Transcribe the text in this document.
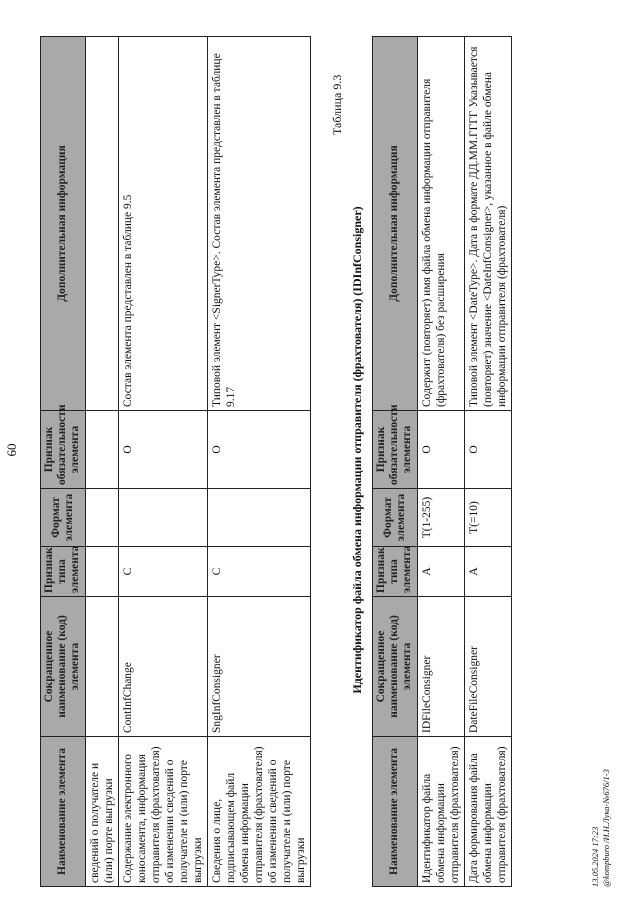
60
Наименование элемента	Сокращенное наименование (код) элемента	Признак типа элемента	Формат элемента	Признак обязательности элемента	Дополнительная информация
сведений о получателе и (или) порте выгрузки					
Содержание электронного коносамента, информация отправителя (фрахтователя) об изменении сведений о получателе и (или) порте выгрузки	ContInfChange	С		О	Состав элемента представлен в таблице 9.5
Сведения о лице, подписывающем файл обмена информации отправителя (фрахтователя) об изменении сведений о получателе и (или) порте выгрузки	SngInfConsigner	С		О	Типовой элемент <SignerType>. Состав элемента представлен в таблице 9.17
Таблица 9.3
Идентификатор файла обмена информации отправителя (фрахтователя) (IDInfConsigner)
Наименование элемента	Сокращенное наименование (код) элемента	Признак типа элемента	Формат элемента	Признак обязательности элемента	Дополнительная информация
Идентификатор файла обмена информации отправителя (фрахтователя)	IDFileConsigner	А	Т(1-255)	О	Содержит (повторяет) имя файла обмена информации отправителя (фрахтователя) без расширения
Дата формирования файла обмена информации отправителя (фрахтователя)	DateFileConsigner	А	Т(=10)	О	Типовой элемент <DateType>. Дата в формате ДД.ММ.ГГГГ Указывается (повторяет) значение <DateInfConsigner>, указанное в файле обмена информации отправителя (фрахтователя)
13.05.2024 17:23 @kompburo /И.Н.Лука-№676/1-3
